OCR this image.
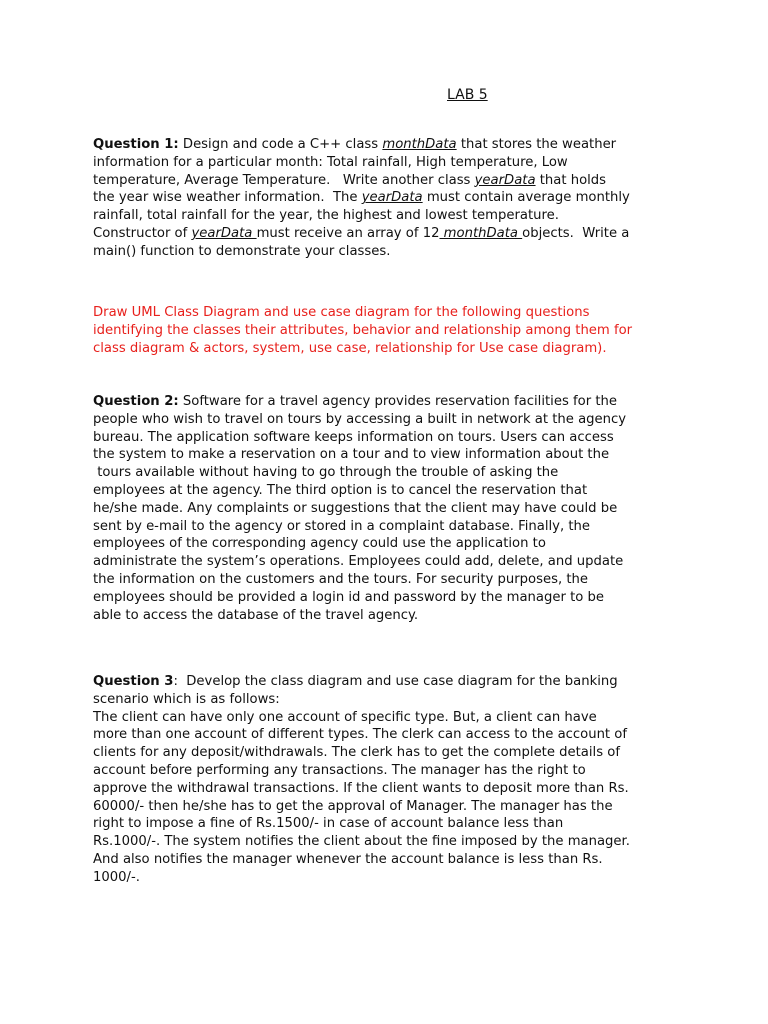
LAB 5
Question 1: Design and code a C++ class monthData that stores the weather
information for a particular month: Total rainfall, High temperature, Low
temperature, Average Temperature.   Write another class yearData that holds
the year wise weather information.  The yearData must contain average monthly
rainfall, total rainfall for the year, the highest and lowest temperature.
Constructor of yearData must receive an array of 12 monthData objects.  Write a
main() function to demonstrate your classes.
Draw UML Class Diagram and use case diagram for the following questions
identifying the classes their attributes, behavior and relationship among them for
class diagram & actors, system, use case, relationship for Use case diagram).
Question 2: Software for a travel agency provides reservation facilities for the
people who wish to travel on tours by accessing a built in network at the agency
bureau. The application software keeps information on tours. Users can access
the system to make a reservation on a tour and to view information about the
tours available without having to go through the trouble of asking the
employees at the agency. The third option is to cancel the reservation that
he/she made. Any complaints or suggestions that the client may have could be
sent by e-mail to the agency or stored in a complaint database. Finally, the
employees of the corresponding agency could use the application to
administrate the system’s operations. Employees could add, delete, and update
the information on the customers and the tours. For security purposes, the
employees should be provided a login id and password by the manager to be
able to access the database of the travel agency.
Question 3:  Develop the class diagram and use case diagram for the banking
scenario which is as follows:
The client can have only one account of specific type. But, a client can have
more than one account of different types. The clerk can access to the account of
clients for any deposit/withdrawals. The clerk has to get the complete details of
account before performing any transactions. The manager has the right to
approve the withdrawal transactions. If the client wants to deposit more than Rs.
60000/- then he/she has to get the approval of Manager. The manager has the
right to impose a fine of Rs.1500/- in case of account balance less than
Rs.1000/-. The system notifies the client about the fine imposed by the manager.
And also notifies the manager whenever the account balance is less than Rs.
1000/-.
